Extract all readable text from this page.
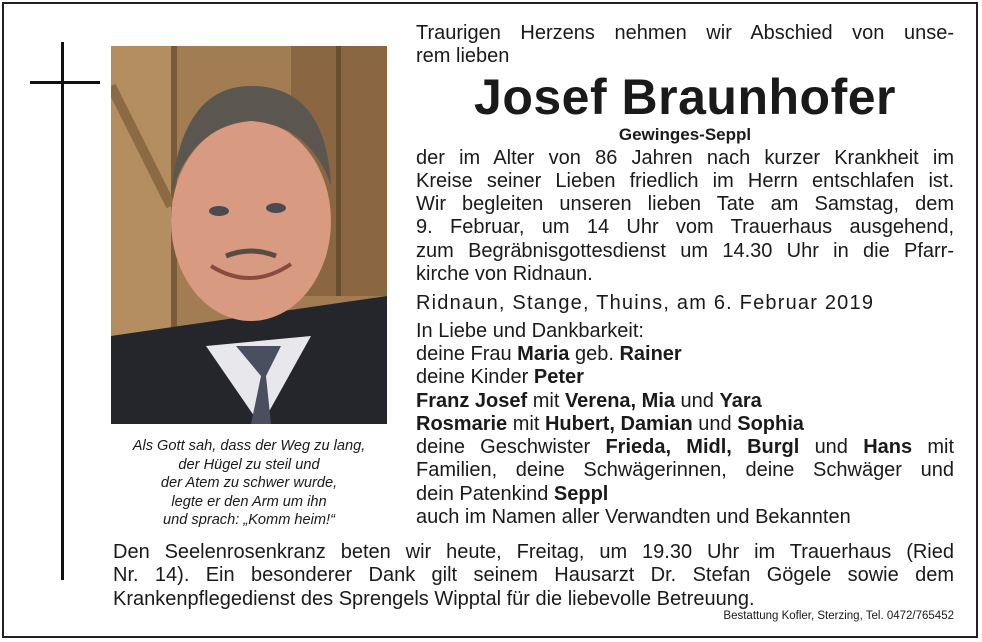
Als Gott sah, dass der Weg zu lang,
der Hügel zu steil und
der Atem zu schwer wurde,
legte er den Arm um ihn
und sprach: „Komm heim!“
Traurigen Herzens nehmen wir Abschied von unse-
rem lieben
Josef Braunhofer
Gewinges-Seppl
der im Alter von 86 Jahren nach kurzer Krankheit im
Kreise seiner Lieben friedlich im Herrn entschlafen ist.
Wir begleiten unseren lieben Tate am Samstag, dem
9. Februar, um 14 Uhr vom Trauerhaus ausgehend,
zum Begräbnisgottesdienst um 14.30 Uhr in die Pfarr-
kirche von Ridnaun.
Ridnaun, Stange, Thuins, am 6. Februar 2019
In Liebe und Dankbarkeit:
deine Frau Maria geb. Rainer
deine Kinder Peter
Franz Josef mit Verena, Mia und Yara
Rosmarie mit Hubert, Damian und Sophia
deine Geschwister Frieda, Midl, Burgl und Hans mit
Familien, deine Schwägerinnen, deine Schwäger und
dein Patenkind Seppl
auch im Namen aller Verwandten und Bekannten
Den Seelenrosenkranz beten wir heute, Freitag, um 19.30 Uhr im Trauerhaus (Ried
Nr. 14). Ein besonderer Dank gilt seinem Hausarzt Dr. Stefan Gögele sowie dem
Krankenpflegedienst des Sprengels Wipptal für die liebevolle Betreuung.
Bestattung Kofler, Sterzing, Tel. 0472/765452
